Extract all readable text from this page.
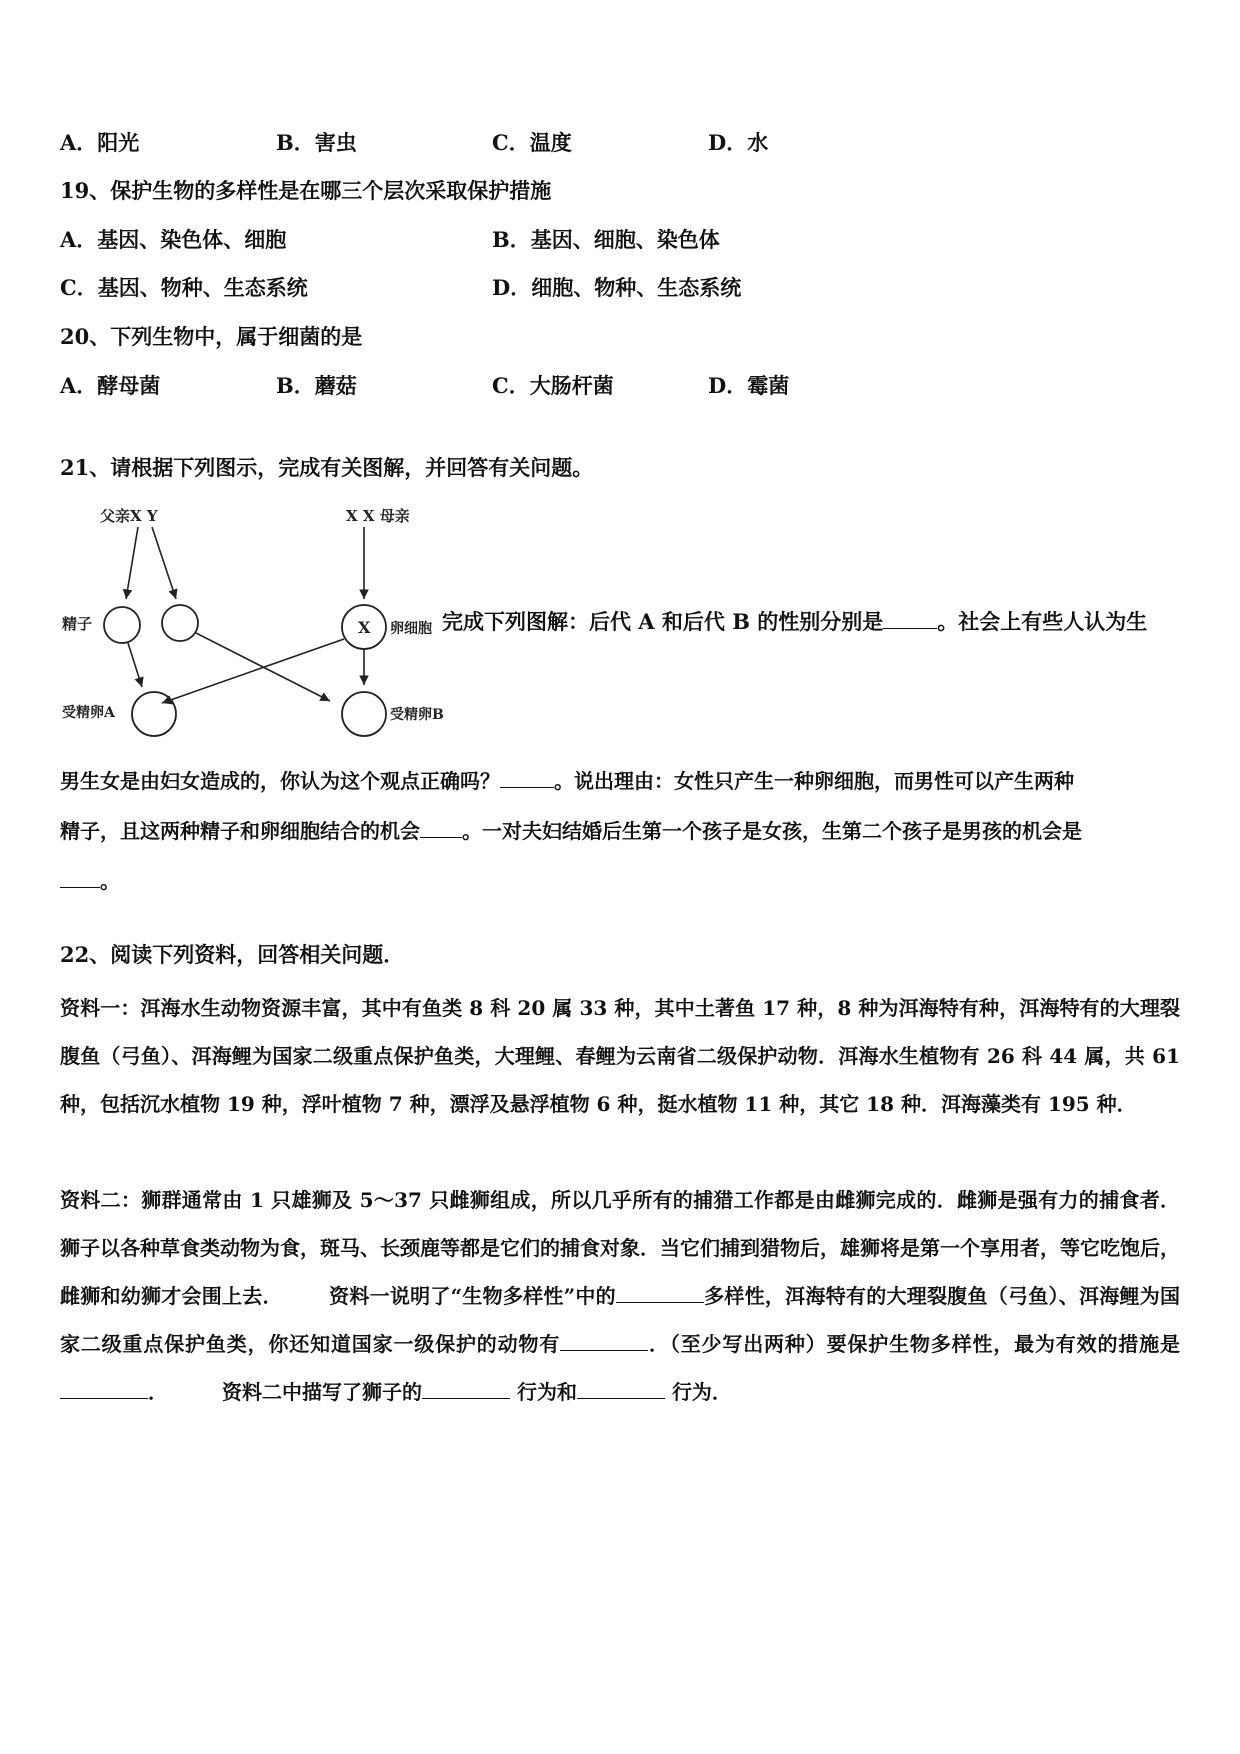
A．阳光	B．害虫	C．温度	D．水
19、保护生物的多样性是在哪三个层次采取保护措施
A．基因、染色体、细胞	B．基因、细胞、染色体
C．基因、物种、生态系统	D．细胞、物种、生态系统
20、下列生物中，属于细菌的是
A．酵母菌	B．蘑菇	C．大肠杆菌	D．霉菌
21、请根据下列图示，完成有关图解，并回答有关问题。
父亲X Y	X X 母亲
精子	X 卵细胞
受精卵A	受精卵B
完成下列图解：后代 A 和后代 B 的性别分别是	。社会上有些人认为生
男生女是由妇女造成的，你认为这个观点正确吗？	。说出理由：女性只产生一种卵细胞，而男性可以产生两种
精子，且这两种精子和卵细胞结合的机会 。一对夫妇结婚后生第一个孩子是女孩，生第二个孩子是男孩的机会是
。
22、阅读下列资料，回答相关问题．
资料一：洱海水生动物资源丰富，其中有鱼类 8 科 20 属 33 种，其中土著鱼 17 种，8 种为洱海特有种，洱海特有的大理裂腹鱼（弓鱼）、洱海鲤为国家二级重点保护鱼类，大理鲤、春鲤为云南省二级保护动物．洱海水生植物有 26 科 44 属，共 61 种，包括沉水植物 19 种，浮叶植物 7 种，漂浮及悬浮植物 6 种，挺水植物 11 种，其它 18 种．洱海藻类有 195 种．
资料二：狮群通常由 1 只雄狮及 5～37 只雌狮组成，所以几乎所有的捕猎工作都是由雌狮完成的．雌狮是强有力的捕食者．狮子以各种草食类动物为食，斑马、长颈鹿等都是它们的捕食对象．当它们捕到猎物后，雄狮将是第一个享用者，等它吃饱后，雌狮和幼狮才会围上去． 资料一说明了“生物多样性”中的	多样性，洱海特有的大理裂腹鱼（弓鱼）、洱海鲤为国家二级重点保护鱼类，你还知道国家一级保护的动物有	．（至少写出两种）要保护生物多样性，最为有效的措施是．	资料二中描写了狮子的	行为和	行为．
